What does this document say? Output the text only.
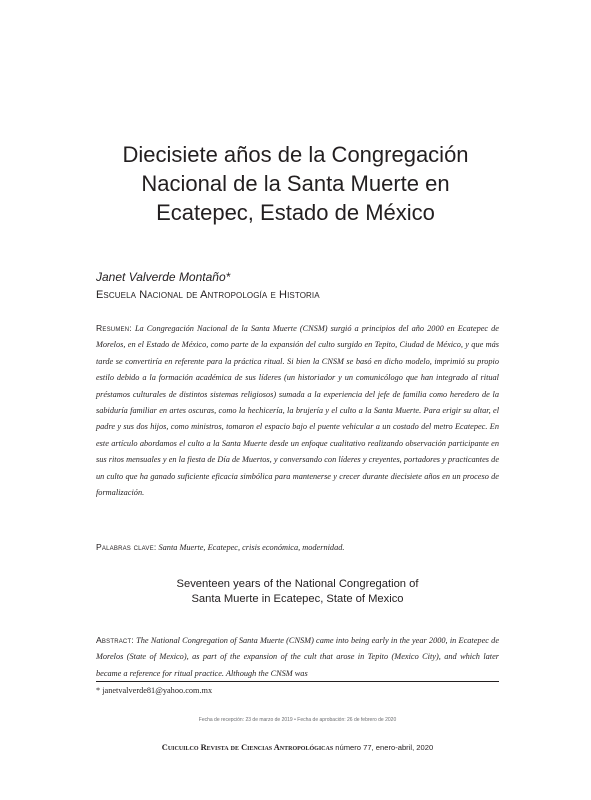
Diecisiete años de la Congregación
Nacional de la Santa Muerte en
Ecatepec, Estado de México
Janet Valverde Montaño*
Escuela Nacional de Antropología e Historia
Resumen: La Congregación Nacional de la Santa Muerte (CNSM) surgió a principios del año 2000 en Ecatepec de Morelos, en el Estado de México, como parte de la expansión del culto surgido en Tepito, Ciudad de México, y que más tarde se convertiría en referente para la práctica ritual. Si bien la CNSM se basó en dicho modelo, imprimió su propio estilo debido a la formación académica de sus líderes (un historiador y un comunicólogo que han integrado al ritual préstamos culturales de distintos sistemas religiosos) sumada a la experiencia del jefe de familia como heredero de la sabiduría familiar en artes oscuras, como la hechicería, la brujería y el culto a la Santa Muerte. Para erigir su altar, el padre y sus dos hijos, como ministros, tomaron el espacio bajo el puente vehicular a un costado del metro Ecatepec. En este artículo abordamos el culto a la Santa Muerte desde un enfoque cualitativo realizando observación participante en sus ritos mensuales y en la fiesta de Día de Muertos, y conversando con líderes y creyentes, portadores y practicantes de un culto que ha ganado suficiente eficacia simbólica para mantenerse y crecer durante diecisiete años en un proceso de formalización.
Palabras clave: Santa Muerte, Ecatepec, crisis económica, modernidad.
Seventeen years of the National Congregation of
Santa Muerte in Ecatepec, State of Mexico
Abstract: The National Congregation of Santa Muerte (CNSM) came into being early in the year 2000, in Ecatepec de Morelos (State of Mexico), as part of the expansion of the cult that arose in Tepito (Mexico City), and which later became a reference for ritual practice. Although the CNSM was
* janetvalverde81@yahoo.com.mx
Fecha de recepción: 23 de marzo de 2019 • Fecha de aprobación: 26 de febrero de 2020
Cuicuilco Revista de Ciencias Antropológicas número 77, enero-abril, 2020
